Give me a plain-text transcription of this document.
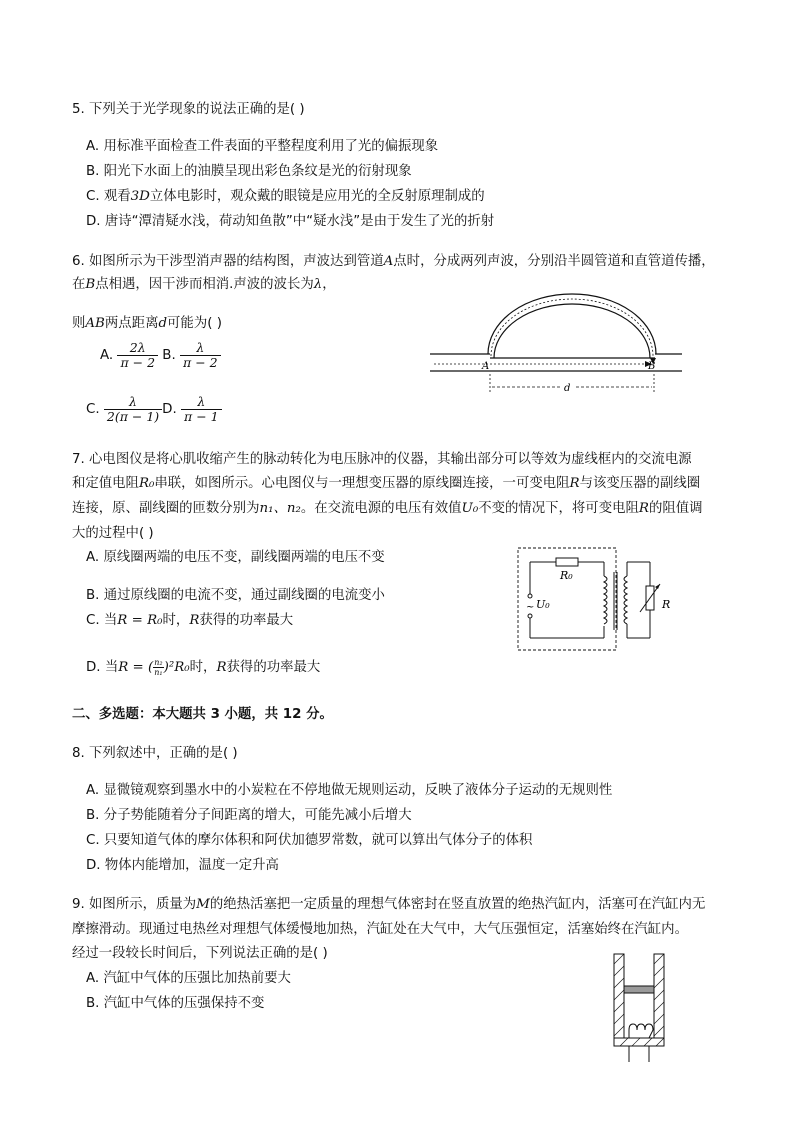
5. 下列关于光学现象的说法正确的是( )
A. 用标准平面检查工件表面的平整程度利用了光的偏振现象
B. 阳光下水面上的油膜呈现出彩色条纹是光的衍射现象
C. 观看3D立体电影时，观众戴的眼镜是应用光的全反射原理制成的
D. 唐诗“潭清疑水浅，荷动知鱼散”中“疑水浅”是由于发生了光的折射
6. 如图所示为干涉型消声器的结构图，声波达到管道A点时，分成两列声波，分别沿半圆管道和直管道传播，
在B点相遇，因干涉而相消.声波的波长为λ，
则AB两点距离d可能为( )
A. $\frac{2\lambda}{\pi - 2} B$. $\frac{\lambda}{\pi - 2}$
C. $\frac{\lambda}{2(\pi - 1)} D$. $\frac{\lambda}{\pi - 1}$
A	B
d
7. 心电图仪是将心肌收缩产生的脉动转化为电压脉冲的仪器，其输出部分可以等效为虚线框内的交流电源
和定值电阻R₀串联，如图所示。心电图仪与一理想变压器的原线圈连接，一可变电阻R与该变压器的副线圈
连接，原、副线圈的匝数分别为n₁、n₂。在交流电源的电压有效值U₀不变的情况下，将可变电阻R的阻值调
大的过程中( )
A. 原线圈两端的电压不变，副线圈两端的电压不变
B. 通过原线圈的电流不变，通过副线圈的电流变小
C. 当R = R₀时，R获得的功率最大
D. 当R = ( $\frac{\text{n₂}}{\text{n₁}} )^2R_0$时，R获得的功率最大
~
R₀
U₀	R
二、多选题：本大题共 3 小题，共 12 分。
8. 下列叙述中，正确的是( )
A. 显微镜观察到墨水中的小炭粒在不停地做无规则运动，反映了液体分子运动的无规则性
B. 分子势能随着分子间距离的增大，可能先减小后增大
C. 只要知道气体的摩尔体积和阿伏加德罗常数，就可以算出气体分子的体积
D. 物体内能增加，温度一定升高
9. 如图所示，质量为M的绝热活塞把一定质量的理想气体密封在竖直放置的绝热汽缸内，活塞可在汽缸内无
摩擦滑动。现通过电热丝对理想气体缓慢地加热，汽缸处在大气中，大气压强恒定，活塞始终在汽缸内。
经过一段较长时间后，下列说法正确的是( )
A. 汽缸中气体的压强比加热前要大
B. 汽缸中气体的压强保持不变
